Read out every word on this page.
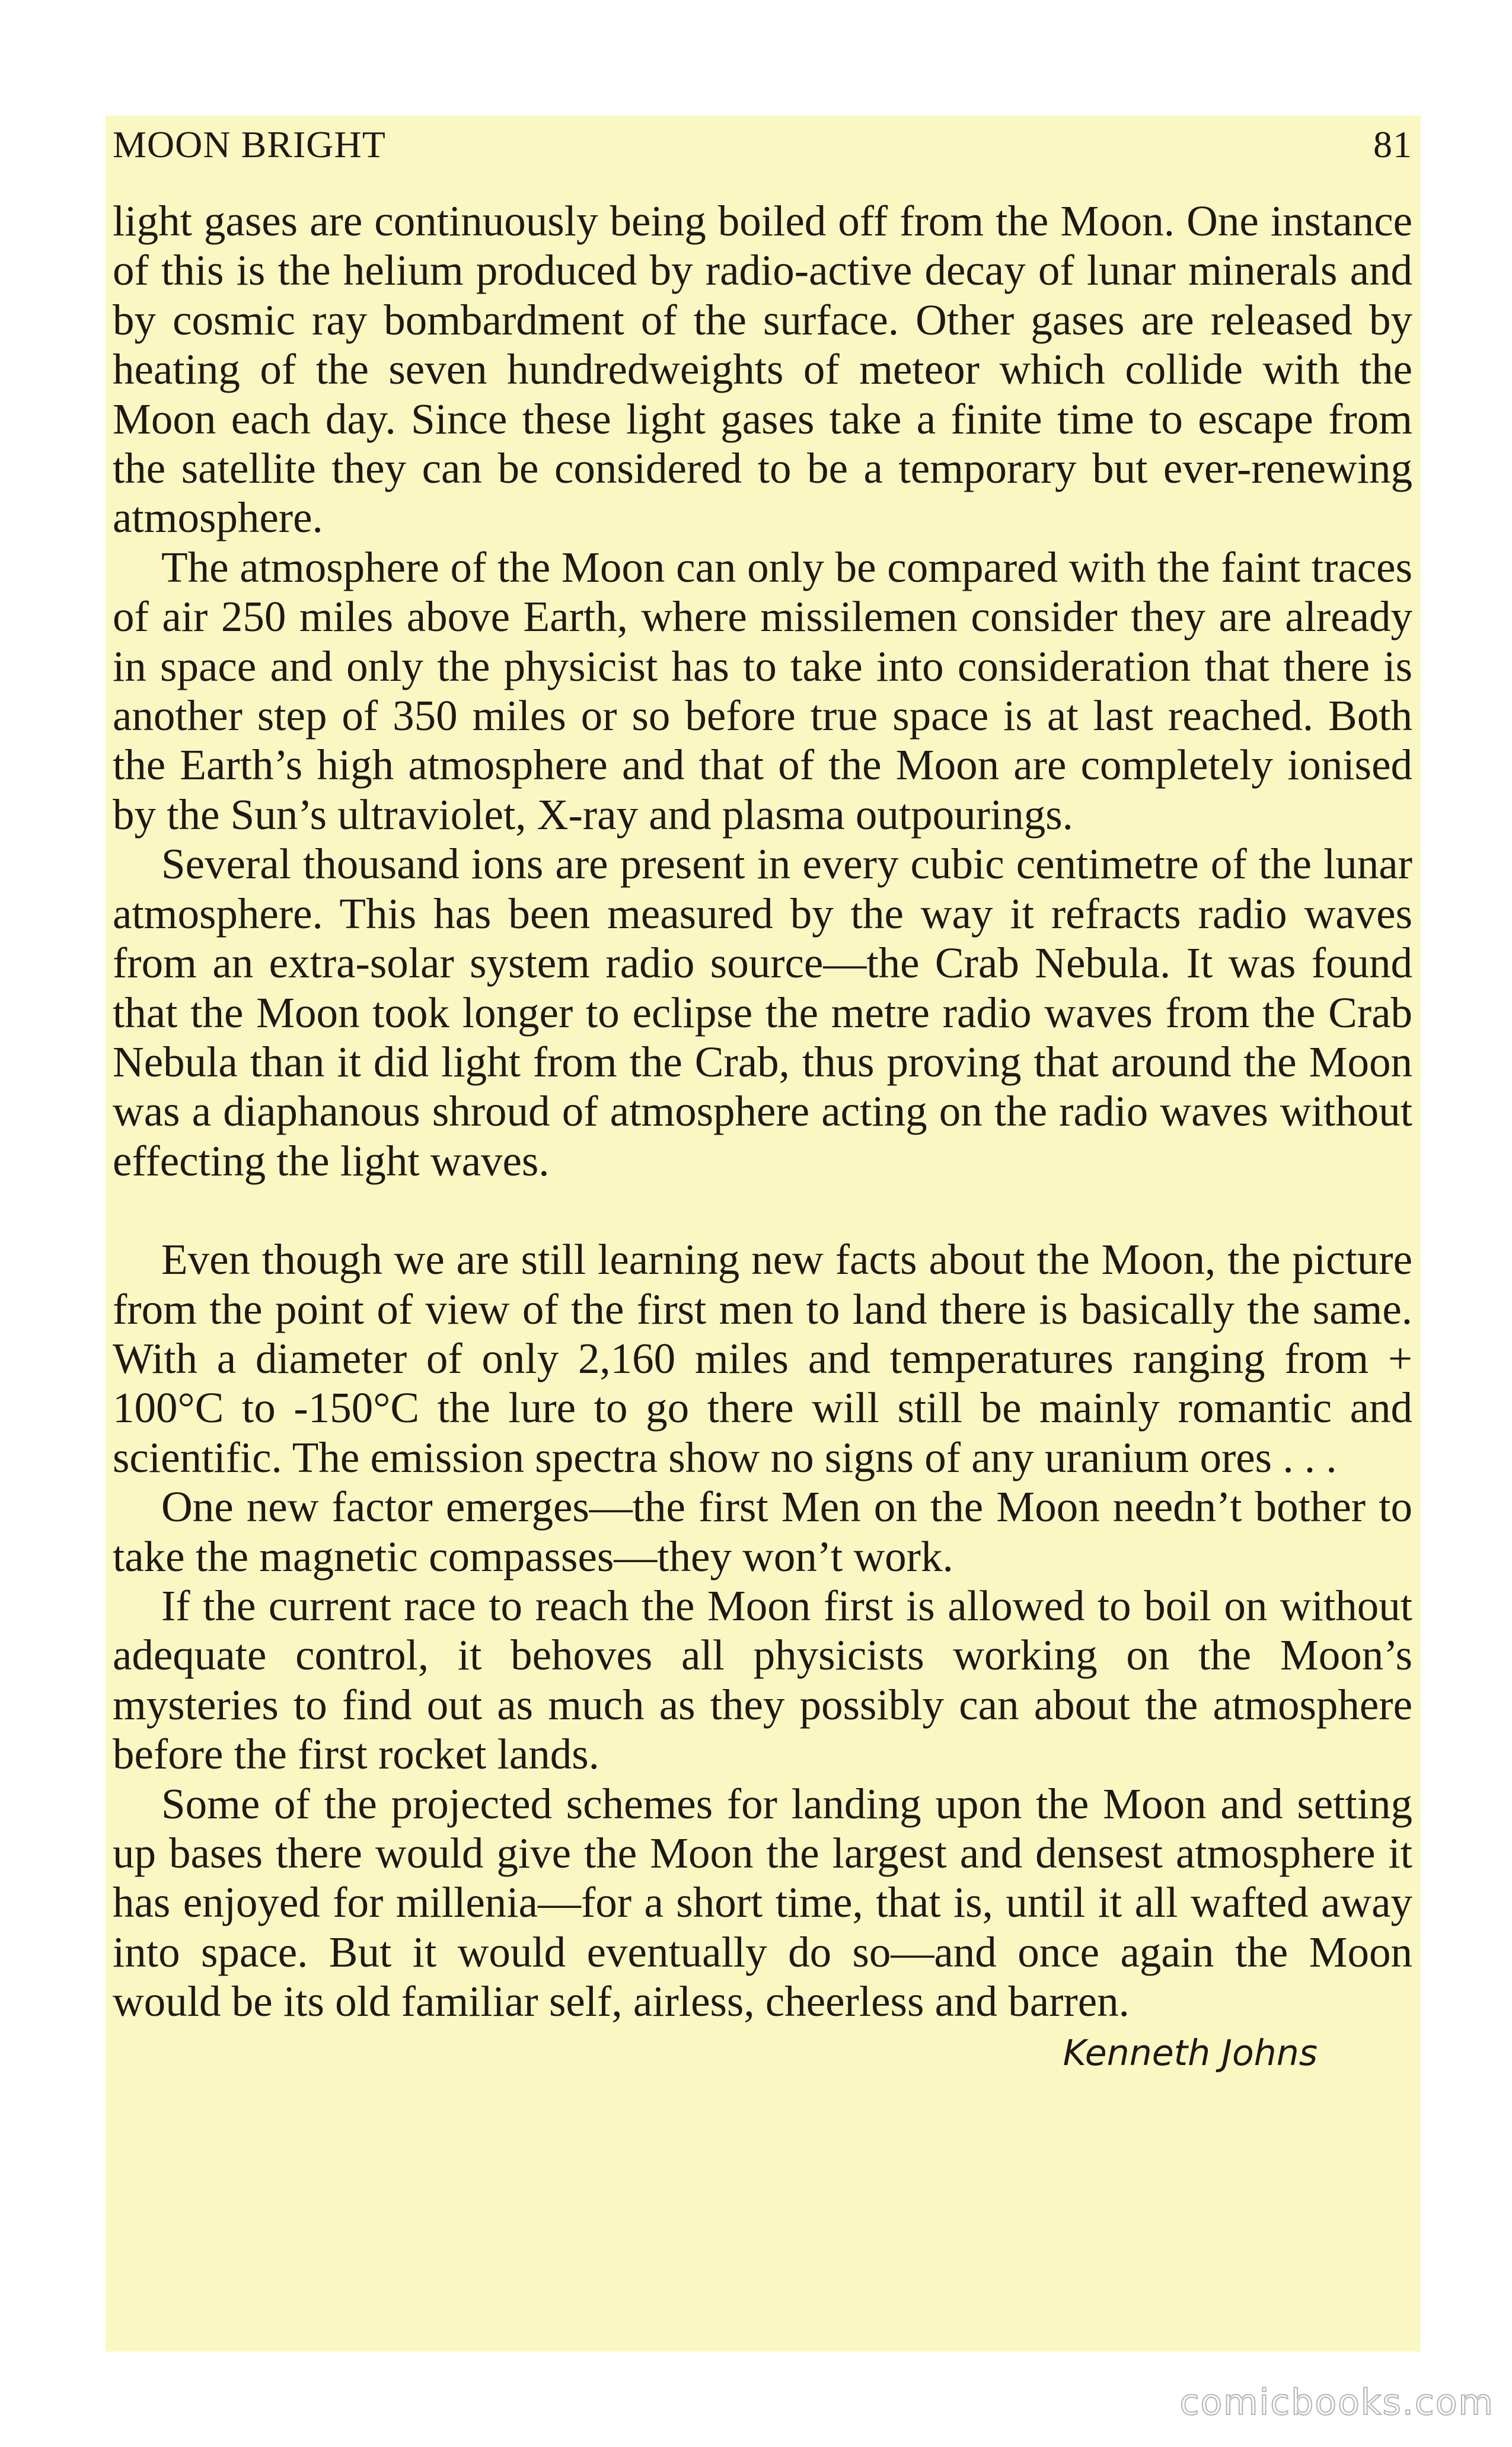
MOON BRIGHT	81

light gases are continuously being boiled off from the Moon. One instance of this is the helium produced by radio-active decay of lunar minerals and by cosmic ray bombardment of the surface. Other gases are released by heating of the seven hundredweights of meteor which collide with the Moon each day. Since these light gases take a finite time to escape from the satellite they can be considered to be a temporary but ever-renewing atmosphere.

The atmosphere of the Moon can only be compared with the faint traces of air 250 miles above Earth, where missilemen consider they are already in space and only the physicist has to take into consideration that there is another step of 350 miles or so before true space is at last reached. Both the Earth’s high atmosphere and that of the Moon are completely ionised by the Sun’s ultraviolet, X-ray and plasma outpourings.

Several thousand ions are present in every cubic centimetre of the lunar atmosphere. This has been measured by the way it refracts radio waves from an extra-solar system radio source—the Crab Nebula. It was found that the Moon took longer to eclipse the metre radio waves from the Crab Nebula than it did light from the Crab, thus proving that around the Moon was a diaphanous shroud of atmosphere acting on the radio waves without effecting the light waves.

Even though we are still learning new facts about the Moon, the picture from the point of view of the first men to land there is basically the same. With a diameter of only 2,160 miles and temperatures ranging from + 100°C to -150°C the lure to go there will still be mainly romantic and scientific. The emission spectra show no signs of any uranium ores . . .

One new factor emerges—the first Men on the Moon needn’t bother to take the magnetic compasses—they won’t work.

If the current race to reach the Moon first is allowed to boil on without adequate control, it behoves all physicists working on the Moon’s mysteries to find out as much as they possibly can about the atmosphere before the first rocket lands.

Some of the projected schemes for landing upon the Moon and setting up bases there would give the Moon the largest and densest atmosphere it has enjoyed for millenia—for a short time, that is, until it all wafted away into space. But it would eventually do so—and once again the Moon would be its old familiar self, airless, cheerless and barren.

Kenneth Johns
comicbooks.com
